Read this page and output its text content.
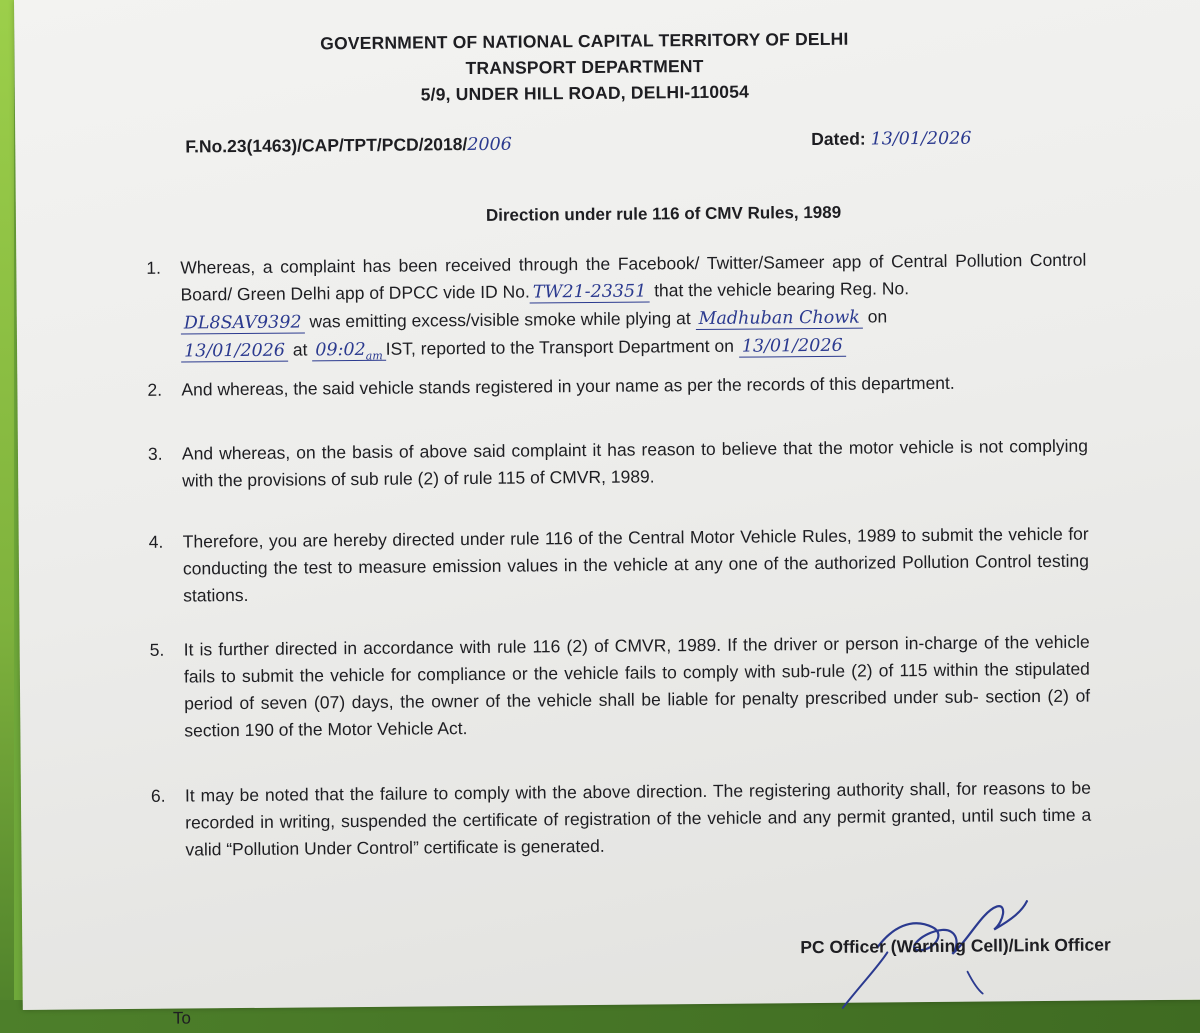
GOVERNMENT OF NATIONAL CAPITAL TERRITORY OF DELHI
TRANSPORT DEPARTMENT
5/9, UNDER HILL ROAD, DELHI-110054
F.No.23(1463)/CAP/TPT/PCD/2018/2006	Dated: 13/01/2026
Direction under rule 116 of CMV Rules, 1989
1. Whereas, a complaint has been received through the Facebook/ Twitter/Sameer app of Central Pollution Control Board/ Green Delhi app of DPCC vide ID No. TW21-23351 that the vehicle bearing Reg. No.
DL8SAV9392 was emitting excess/visible smoke while plying at Madhuban Chowk on
13/01/2026 at $09:02_{am}$ IST, reported to the Transport Department on 13/01/2026
2. And whereas, the said vehicle stands registered in your name as per the records of this department.
3. And whereas, on the basis of above said complaint it has reason to believe that the motor vehicle is not complying with the provisions of sub rule (2) of rule 115 of CMVR, 1989.
4. Therefore, you are hereby directed under rule 116 of the Central Motor Vehicle Rules, 1989 to submit the vehicle for conducting the test to measure emission values in the vehicle at any one of the authorized Pollution Control testing stations.
5. It is further directed in accordance with rule 116 (2) of CMVR, 1989. If the driver or person in-charge of the vehicle fails to submit the vehicle for compliance or the vehicle fails to comply with sub-rule (2) of 115 within the stipulated period of seven (07) days, the owner of the vehicle shall be liable for penalty prescribed under sub- section (2) of section 190 of the Motor Vehicle Act.
6. It may be noted that the failure to comply with the above direction. The registering authority shall, for reasons to be recorded in writing, suspended the certificate of registration of the vehicle and any permit granted, until such time a valid “Pollution Under Control” certificate is generated.
PC Officer (Warning Cell)/Link Officer
To
